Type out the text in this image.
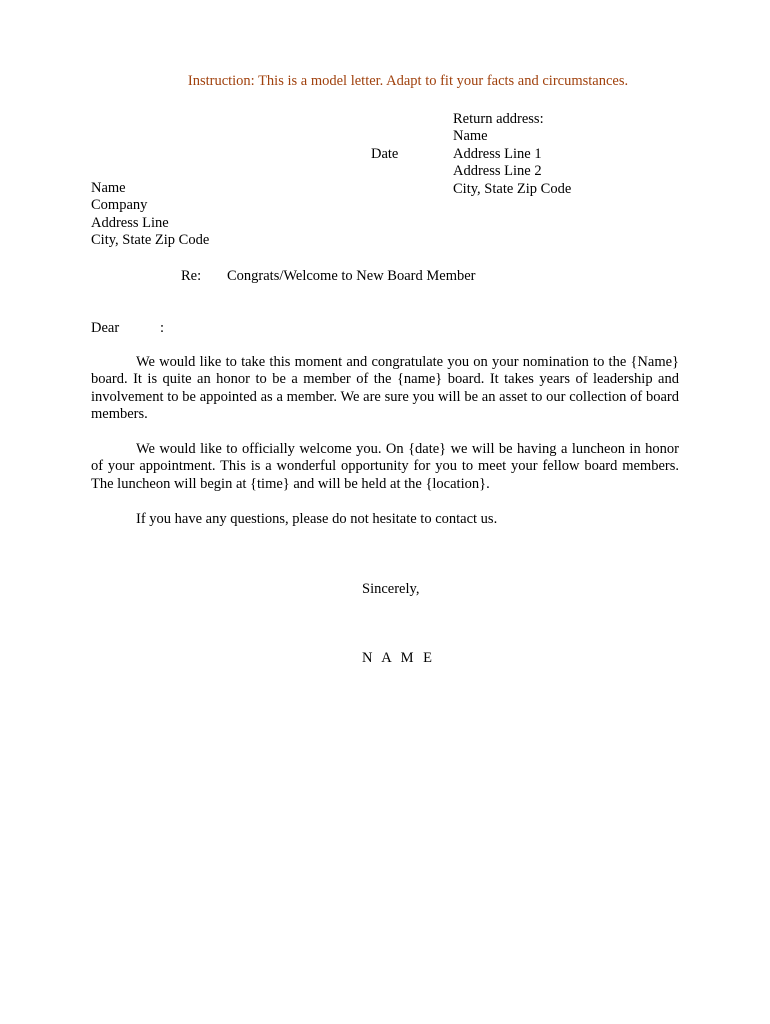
Instruction: This is a model letter. Adapt to fit your facts and circumstances.
Return address:
Name
Address Line 1
Address Line 2
City, State Zip Code
Date
Name
Company
Address Line
City, State Zip Code
Re: Congrats/Welcome to New Board Member
Dear	:

We would like to take this moment and congratulate you on your nomination to the {Name} board. It is quite an honor to be a member of the {name} board. It takes years of leadership and involvement to be appointed as a member. We are sure you will be an asset to our collection of board members.

We would like to officially welcome you. On {date} we will be having a luncheon in honor of your appointment. This is a wonderful opportunity for you to meet your fellow board members. The luncheon will begin at {time} and will be held at the {location}.

If you have any questions, please do not hesitate to contact us.

Sincerely,
N A M E
